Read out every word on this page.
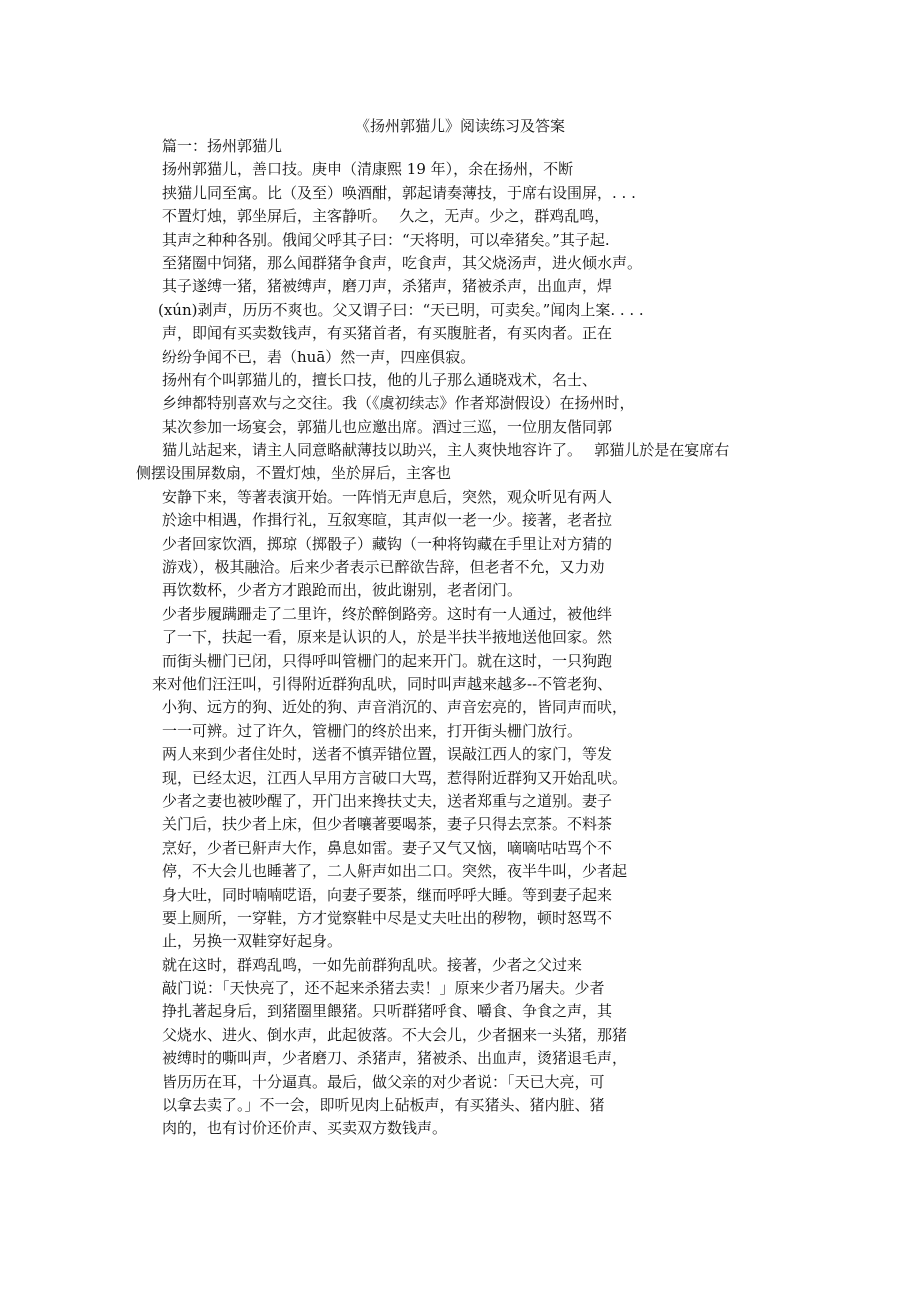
《扬州郭猫儿》阅读练习及答案
篇一：扬州郭猫儿
扬州郭猫儿，善口技。庚申（清康熙 19 年），余在扬州，不断
挟猫儿同至寓。比（及至）唤酒酣，郭起请奏薄技，于席右设围屏，. . .
不置灯烛，郭坐屏后，主客静听。　 久之，无声。少之，群鸡乱鸣，
其声之种种各别。俄闻父呼其子曰：“天将明，可以牵猪矣。”其子起.
至猪圈中饲猪，那么闻群猪争食声，吃食声，其父烧汤声，进火倾水声。
其子遂缚一猪，猪被缚声，磨刀声，杀猪声，猪被杀声，出血声，焊
(xún)剥声，历历不爽也。父又谓子曰：“天已明，可卖矣。”闻肉上案. . . .
声，即闻有买卖数钱声，有买猪首者，有买腹脏者，有买肉者。正在
纷纷争闻不已，砉（huā）然一声，四座俱寂。
扬州有个叫郭猫儿的，擅长口技，他的儿子那么通晓戏术，名士、
乡绅都特别喜欢与之交往。我（《虞初续志》作者郑澍假设）在扬州时，
某次参加一场宴会，郭猫儿也应邀出席。酒过三巡，一位朋友偕同郭
猫儿站起来，请主人同意略献薄技以助兴，主人爽快地容许了。　 郭猫儿於是在宴席右
侧摆设围屏数扇，不置灯烛，坐於屏后，主客也
安静下来，等著表演开始。一阵悄无声息后，突然，观众听见有两人
於途中相遇，作揖行礼，互叙寒暄，其声似一老一少。接著，老者拉
少者回家饮酒，掷琼（掷骰子）藏钩（一种将钩藏在手里让对方猜的
游戏），极其融洽。后来少者表示已醉欲告辞，但老者不允，又力劝
再饮数杯，少者方才踉跄而出，彼此谢别，老者闭门。
少者步履蹒跚走了二里许，终於醉倒路旁。这时有一人通过，被他绊
了一下，扶起一看，原来是认识的人，於是半扶半掖地送他回家。然
而街头栅门已闭，只得呼叫管栅门的起来开门。就在这时，一只狗跑
来对他们汪汪叫，引得附近群狗乱吠，同时叫声越来越多--不管老狗、
小狗、远方的狗、近处的狗、声音消沉的、声音宏亮的，皆同声而吠，
一一可辨。过了许久，管栅门的终於出来，打开街头栅门放行。
两人来到少者住处时，送者不慎弄错位置，误敲江西人的家门，等发
现，已经太迟，江西人早用方言破口大骂，惹得附近群狗又开始乱吠。
少者之妻也被吵醒了，开门出来搀扶丈夫，送者郑重与之道别。妻子
关门后，扶少者上床，但少者嚷著要喝茶，妻子只得去烹茶。不料茶
烹好，少者已鼾声大作，鼻息如雷。妻子又气又恼，嘀嘀咕咕骂个不
停，不大会儿也睡著了，二人鼾声如出二口。突然，夜半牛叫，少者起
身大吐，同时喃喃呓语，向妻子要茶，继而呼呼大睡。等到妻子起来
要上厕所，一穿鞋，方才觉察鞋中尽是丈夫吐出的秽物，顿时怒骂不
止，另换一双鞋穿好起身。
就在这时，群鸡乱鸣，一如先前群狗乱吠。接著，少者之父过来
敲门说：「天快亮了，还不起来杀猪去卖！」原来少者乃屠夫。少者
挣扎著起身后，到猪圈里餵猪。只听群猪呼食、嚼食、争食之声，其
父烧水、进火、倒水声，此起彼落。不大会儿，少者捆来一头猪，那猪
被缚时的嘶叫声，少者磨刀、杀猪声，猪被杀、出血声，烫猪退毛声，
皆历历在耳，十分逼真。最后，做父亲的对少者说：「天已大亮，可
以拿去卖了。」不一会，即听见肉上砧板声，有买猪头、猪内脏、猪
肉的，也有讨价还价声、买卖双方数钱声。
